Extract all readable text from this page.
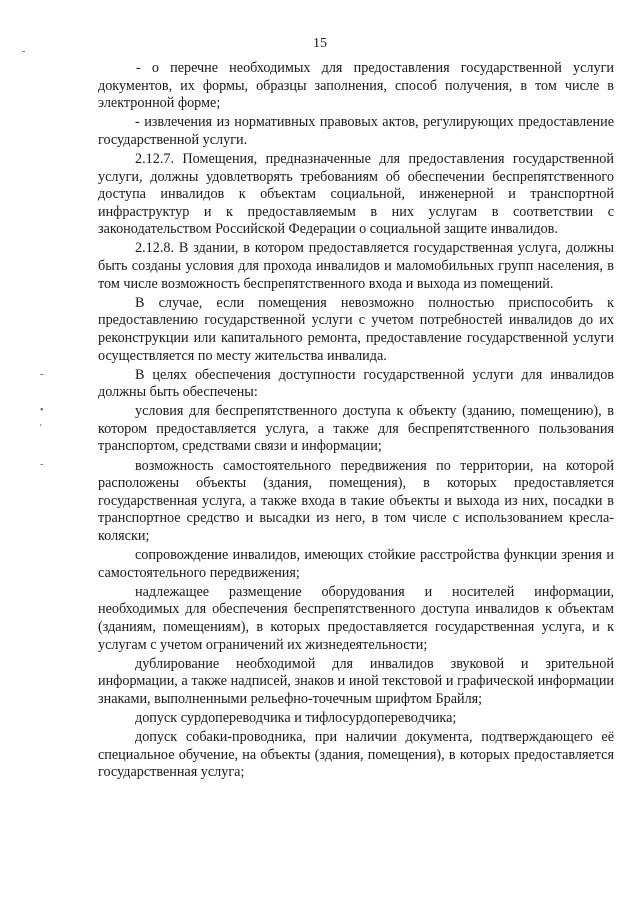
15
-
-
•
'
-

- о перечне необходимых для предоставления государственной услуги документов, их формы, образцы заполнения, способ получения, в том числе в электронной форме;

- извлечения из нормативных правовых актов, регулирующих предоставление государственной услуги.

2.12.7. Помещения, предназначенные для предоставления государственной услуги, должны удовлетворять требованиям об обеспечении беспрепятственного доступа инвалидов к объектам социальной, инженерной и транспортной инфраструктур и к предоставляемым в них услугам в соответствии с законодательством Российской Федерации о социальной защите инвалидов.

2.12.8. В здании, в котором предоставляется государственная услуга, должны быть созданы условия для прохода инвалидов и маломобильных групп населения, в том числе возможность беспрепятственного входа и выхода из помещений.

В случае, если помещения невозможно полностью приспособить к предоставлению государственной услуги с учетом потребностей инвалидов до их реконструкции или капитального ремонта, предоставление государственной услуги осуществляется по месту жительства инвалида.

В целях обеспечения доступности государственной услуги для инвалидов должны быть обеспечены:

условия для беспрепятственного доступа к объекту (зданию, помещению), в котором предоставляется услуга, а также для беспрепятственного пользования транспортом, средствами связи и информации;

возможность самостоятельного передвижения по территории, на которой расположены объекты (здания, помещения), в которых предоставляется государственная услуга, а также входа в такие объекты и выхода из них, посадки в транспортное средство и высадки из него, в том числе с использованием кресла-коляски;

сопровождение инвалидов, имеющих стойкие расстройства функции зрения и самостоятельного передвижения;

надлежащее размещение оборудования и носителей информации, необходимых для обеспечения беспрепятственного доступа инвалидов к объектам (зданиям, помещениям), в которых предоставляется государственная услуга, и к услугам с учетом ограничений их жизнедеятельности;

дублирование необходимой для инвалидов звуковой и зрительной информации, а также надписей, знаков и иной текстовой и графической информации знаками, выполненными рельефно-точечным шрифтом Брайля;

допуск сурдопереводчика и тифлосурдопереводчика;

допуск собаки-проводника, при наличии документа, подтверждающего её специальное обучение, на объекты (здания, помещения), в которых предоставляется государственная услуга;
